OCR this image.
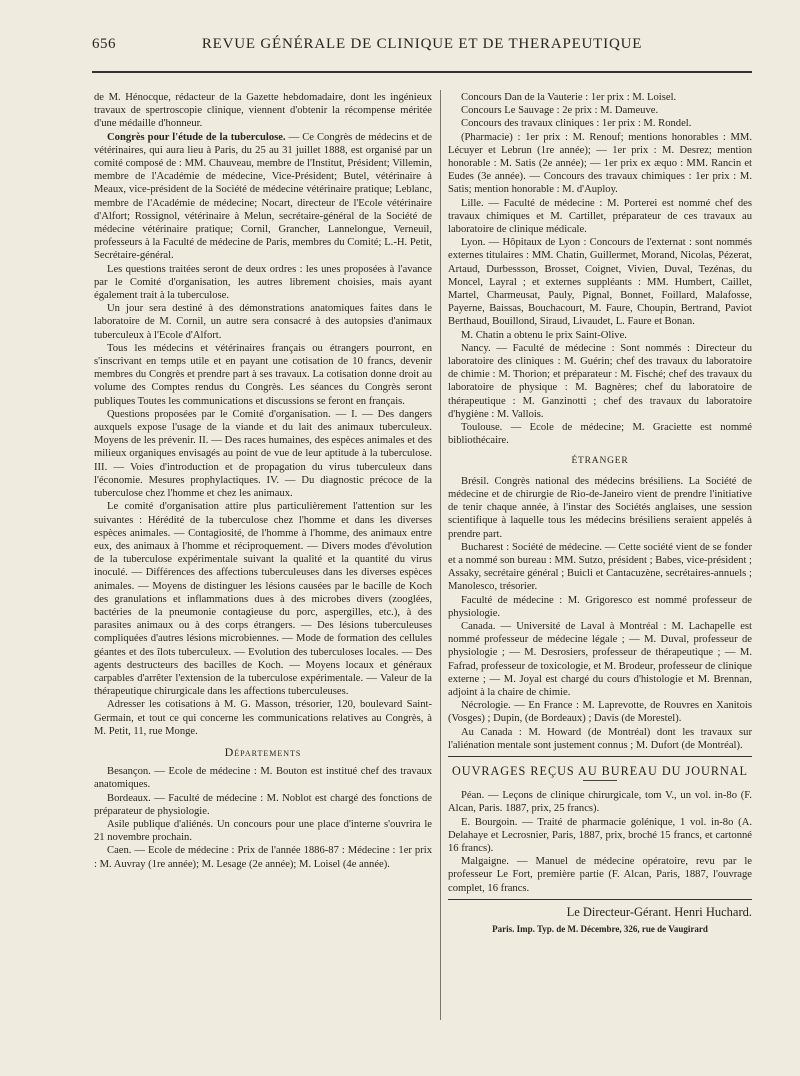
REVUE GÉNÉRALE DE CLINIQUE ET DE THERAPEUTIQUE
656

de M. Hénocque, rédacteur de la Gazette hebdomadaire, dont les ingénieux travaux de spertroscopie clinique, viennent d'obtenir la récompense méritée d'une médaille d'honneur.

Congrès pour l'étude de la tuberculose. — Ce Congrès de médecins et de vétérinaires, qui aura lieu à Paris, du 25 au 31 juillet 1888, est organisé par un comité composé de : MM. Chauveau, membre de l'Institut, Président; Villemin, membre de l'Académie de médecine, Vice-Président; Butel, vétérinaire à Meaux, vice-président de la Société de médecine vétérinaire pratique; Leblanc, membre de l'Académie de médecine; Nocart, directeur de l'Ecole vétérinaire d'Alfort; Rossignol, vétérinaire à Melun, secrétaire-général de la Société de médecine vétérinaire pratique; Cornil, Grancher, Lannelongue, Verneuil, professeurs à la Faculté de médecine de Paris, membres du Comité; L.-H. Petit, Secrétaire-général.

Les questions traitées seront de deux ordres : les unes proposées à l'avance par le Comité d'organisation, les autres librement choisies, mais ayant également trait à la tuberculose.

Un jour sera destiné à des démonstrations anatomiques faites dans le laboratoire de M. Cornil, un autre sera consacré à des autopsies d'animaux tuberculeux à l'Ecole d'Alfort.

Tous les médecins et vétérinaires français ou étrangers pourront, en s'inscrivant en temps utile et en payant une cotisation de 10 francs, devenir membres du Congrès et prendre part à ses travaux. La cotisation donne droit au volume des Comptes rendus du Congrès. Les séances du Congrès seront publiques Toutes les communications et discussions se feront en français.

Questions proposées par le Comité d'organisation. — I. — Des dangers auxquels expose l'usage de la viande et du lait des animaux tuberculeux. Moyens de les prévenir. II. — Des races humaines, des espèces animales et des milieux organiques envisagés au point de vue de leur aptitude à la tuberculose. III. — Voies d'introduction et de propagation du virus tuberculeux dans l'économie. Mesures prophylactiques. IV. — Du diagnostic précoce de la tuberculose chez l'homme et chez les animaux.

Le comité d'organisation attire plus particulièrement l'attention sur les suivantes : Hérédité de la tuberculose chez l'homme et dans les diverses espèces animales. — Contagiosité, de l'homme à l'homme, des animaux entre eux, des animaux à l'homme et réciproquement. — Divers modes d'évolution de la tuberculose expérimentale suivant la qualité et la quantité du virus inoculé. — Différences des affections tuberculeuses dans les diverses espèces animales. — Moyens de distinguer les lésions causées par le bacille de Koch des granulations et inflammations dues à des microbes divers (zooglées, bactéries de la pneumonie contagieuse du porc, aspergilles, etc.), à des parasites animaux ou à des corps étrangers. — Des lésions tuberculeuses compliquées d'autres lésions microbiennes. — Mode de formation des cellules géantes et des îlots tuberculeux. — Evolution des tuberculoses locales. — Des agents destructeurs des bacilles de Koch. — Moyens locaux et généraux carpables d'arrêter l'extension de la tuberculose expérimentale. — Valeur de la thérapeutique chirurgicale dans les affections tuberculeuses.

Adresser les cotisations à M. G. Masson, trésorier, 120, boulevard Saint-Germain, et tout ce qui concerne les communications relatives au Congrès, à M. Petit, 11, rue Monge.

Départements

Besançon. — Ecole de médecine : M. Bouton est institué chef des travaux anatomiques.

Bordeaux. — Faculté de médecine : M. Noblot est chargé des fonctions de préparateur de physiologie.

Asile publique d'aliénés. Un concours pour une place d'interne s'ouvrira le 21 novembre prochain.

Caen. — Ecole de médecine : Prix de l'année 1886-87 : Médecine : 1er prix : M. Auvray (1re année); M. Lesage (2e année); M. Loisel (4e année).

Concours Dan de la Vauterie : 1er prix : M. Loisel.

Concours Le Sauvage : 2e prix : M. Dameuve.

Concours des travaux cliniques : 1er prix : M. Rondel.

(Pharmacie) : 1er prix : M. Renouf; mentions honorables : MM. Lécuyer et Lebrun (1re année); — 1er prix : M. Desrez; mention honorable : M. Satis (2e année); — 1er prix ex æquo : MM. Rancin et Eudes (3e année). — Concours des travaux chimiques : 1er prix : M. Satis; mention honorable : M. d'Auploy.

Lille. — Faculté de médecine : M. Porterei est nommé chef des travaux chimiques et M. Cartillet, préparateur de ces travaux au laboratoire de clinique médicale.

Lyon. — Hôpitaux de Lyon : Concours de l'externat : sont nommés externes titulaires : MM. Chatin, Guillermet, Morand, Nicolas, Pézerat, Artaud, Durbessson, Brosset, Coignet, Vivien, Duval, Tezénas, du Moncel, Layral ; et externes suppléants : MM. Humbert, Caillet, Martel, Charmeusat, Pauly, Pignal, Bonnet, Foillard, Malafosse, Payerne, Baissas, Bouchacourt, M. Faure, Choupin, Bertrand, Paviot Berthaud, Bouillond, Siraud, Livaudet, L. Faure et Bonan.

M. Chatin a obtenu le prix Saint-Olive.

Nancy. — Faculté de médecine : Sont nommés : Directeur du laboratoire des cliniques : M. Guérin; chef des travaux du laboratoire de chimie : M. Thorion; et préparateur : M. Fisché; chef des travaux du laboratoire de physique : M. Bagnères; chef du laboratoire de thérapeutique : M. Ganzinotti ; chef des travaux du laboratoire d'hygiène : M. Vallois.

Toulouse. — Ecole de médecine; M. Graciette est nommé bibliothécaire.

ÉTRANGER

Brésil. Congrès national des médecins brésiliens. La Société de médecine et de chirurgie de Rio-de-Janeiro vient de prendre l'initiative de tenir chaque année, à l'instar des Sociétés anglaises, une session scientifique à laquelle tous les médecins brésiliens seraient appelés à prendre part.

Bucharest : Société de médecine. — Cette société vient de se fonder et a nommé son bureau : MM. Sutzo, président ; Babes, vice-président ; Assaky, secrétaire général ; Buicli et Cantacuzène, secrétaires-annuels ; Manolesco, trésorier.

Faculté de médecine : M. Grigoresco est nommé professeur de physiologie.

Canada. — Université de Laval à Montréal : M. Lachapelle est nommé professeur de médecine légale ; — M. Duval, professeur de physiologie ; — M. Desrosiers, professeur de thérapeutique ; — M. Fafrad, professeur de toxicologie, et M. Brodeur, professeur de clinique externe ; — M. Joyal est chargé du cours d'histologie et M. Brennan, adjoint à la chaire de chimie.

Nécrologie. — En France : M. Laprevotte, de Rouvres en Xanitois (Vosges) ; Dupin, (de Bordeaux) ; Davis (de Morestel).

Au Canada : M. Howard (de Montréal) dont les travaux sur l'aliénation mentale sont justement connus ; M. Dufort (de Montréal).

OUVRAGES REÇUS AU BUREAU DU JOURNAL

Péan. — Leçons de clinique chirurgicale, tom V., un vol. in-8o (F. Alcan, Paris. 1887, prix, 25 francs).

E. Bourgoin. — Traité de pharmacie golénique, 1 vol. in-8o (A. Delahaye et Lecrosnier, Paris, 1887, prix, broché 15 francs, et cartonné 16 francs).

Malgaigne. — Manuel de médecine opératoire, revu par le professeur Le Fort, première partie (F. Alcan, Paris, 1887, l'ouvrage complet, 16 francs.

Le Directeur-Gérant. Henri Huchard.
Paris. Imp. Typ. de M. Décembre, 326, rue de Vaugirard
